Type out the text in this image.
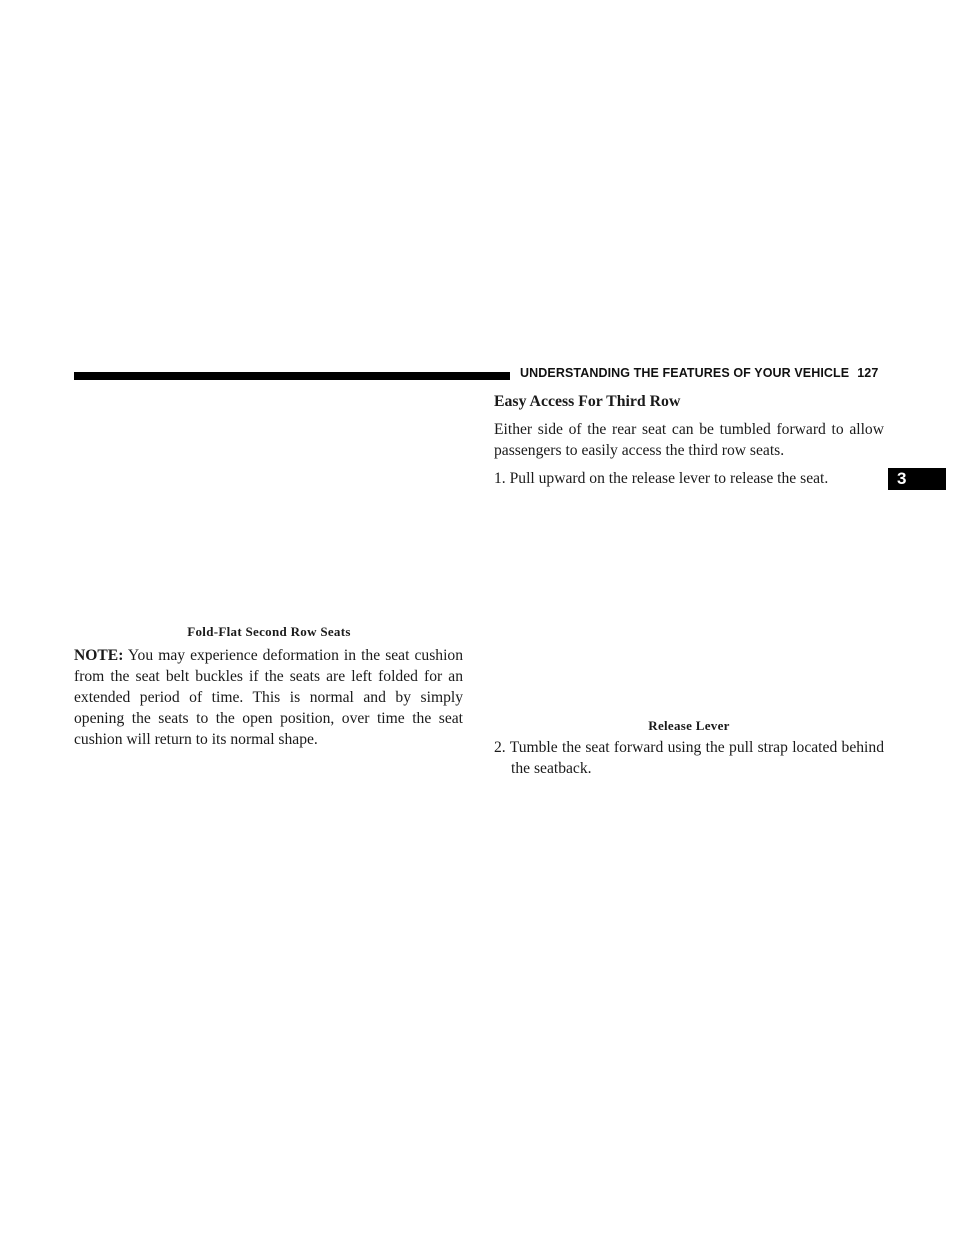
UNDERSTANDING THE FEATURES OF YOUR VEHICLE 127
3
Fold-Flat Second Row Seats
NOTE: You may experience deformation in the seat cushion from the seat belt buckles if the seats are left folded for an extended period of time. This is normal and by simply opening the seats to the open position, over time the seat cushion will return to its normal shape.
Easy Access For Third Row
Either side of the rear seat can be tumbled forward to allow passengers to easily access the third row seats.
1. Pull upward on the release lever to release the seat.
Release Lever
2. Tumble the seat forward using the pull strap located behind the seatback.
